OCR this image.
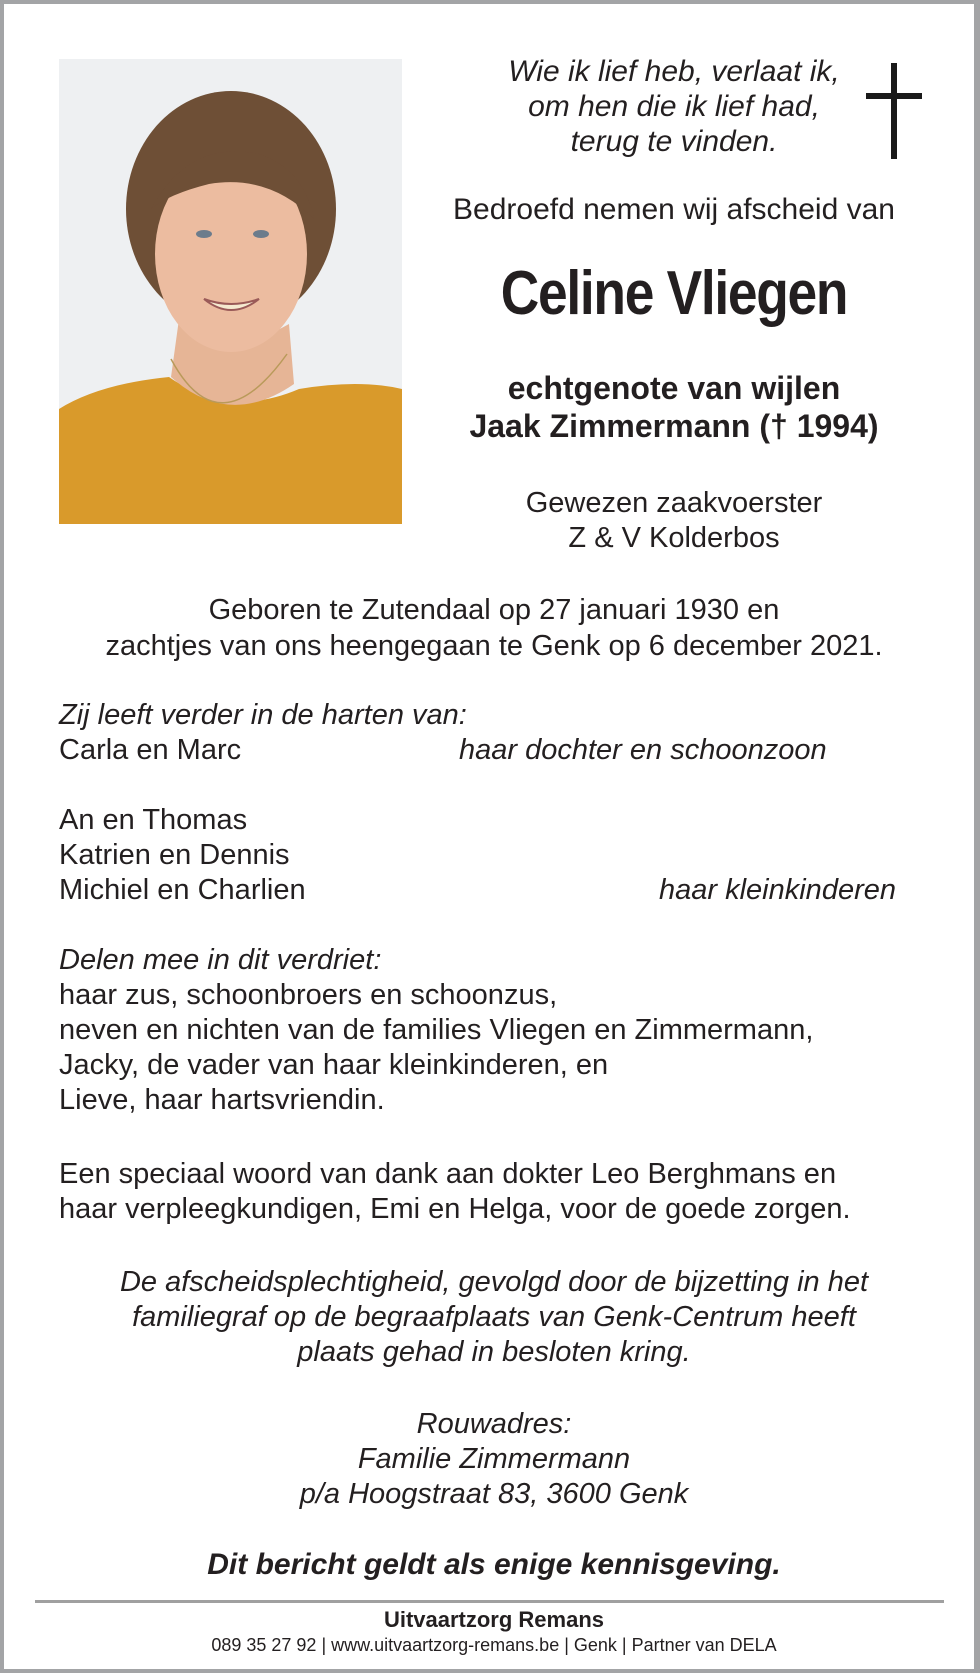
Wie ik lief heb, verlaat ik,
om hen die ik lief had,
terug te vinden.
Bedroefd nemen wij afscheid van
Celine Vliegen
echtgenote van wijlen
Jaak Zimmermann († 1994)
Gewezen zaakvoerster
Z & V Kolderbos
Geboren te Zutendaal op 27 januari 1930 en
zachtjes van ons heengegaan te Genk op 6 december 2021.
Zij leeft verder in de harten van:
Carla en Marc	haar dochter en schoonzoon
An en Thomas
Katrien en Dennis
Michiel en Charlien	haar kleinkinderen
Delen mee in dit verdriet:
haar zus, schoonbroers en schoonzus,
neven en nichten van de families Vliegen en Zimmermann,
Jacky, de vader van haar kleinkinderen, en
Lieve, haar hartsvriendin.
Een speciaal woord van dank aan dokter Leo Berghmans en
haar verpleegkundigen, Emi en Helga, voor de goede zorgen.
De afscheidsplechtigheid, gevolgd door de bijzetting in het
familiegraf op de begraafplaats van Genk-Centrum heeft
plaats gehad in besloten kring.
Rouwadres:
Familie Zimmermann
p/a Hoogstraat 83, 3600 Genk
Dit bericht geldt als enige kennisgeving.
Uitvaartzorg Remans
089 35 27 92 | www.uitvaartzorg-remans.be | Genk | Partner van DELA
